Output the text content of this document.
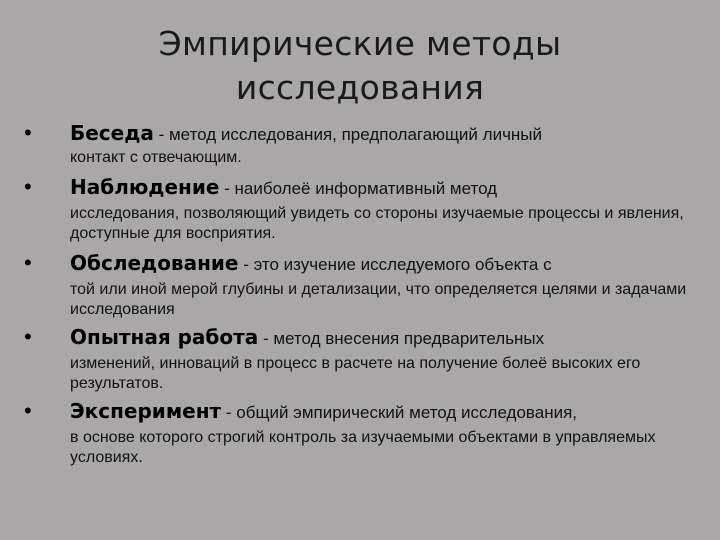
Эмпирические методы
исследования
• Беседа - метод исследования, предполагающий личный
контакт с отвечающим.
• Наблюдение - наиболеё информативный метод
исследования, позволяющий увидеть со стороны изучаемые процессы и явления, доступные для восприятия.
• Обследование - это изучение исследуемого объекта с
той или иной мерой глубины и детализации, что определяется целями и задачами исследования
• Опытная работа - метод внесения предварительных
изменений, инноваций в процесс в расчете на получение болеё высоких его результатов.
• Эксперимент - общий эмпирический метод исследования,
в основе которого строгий контроль за изучаемыми объектами в управляемых условиях.
